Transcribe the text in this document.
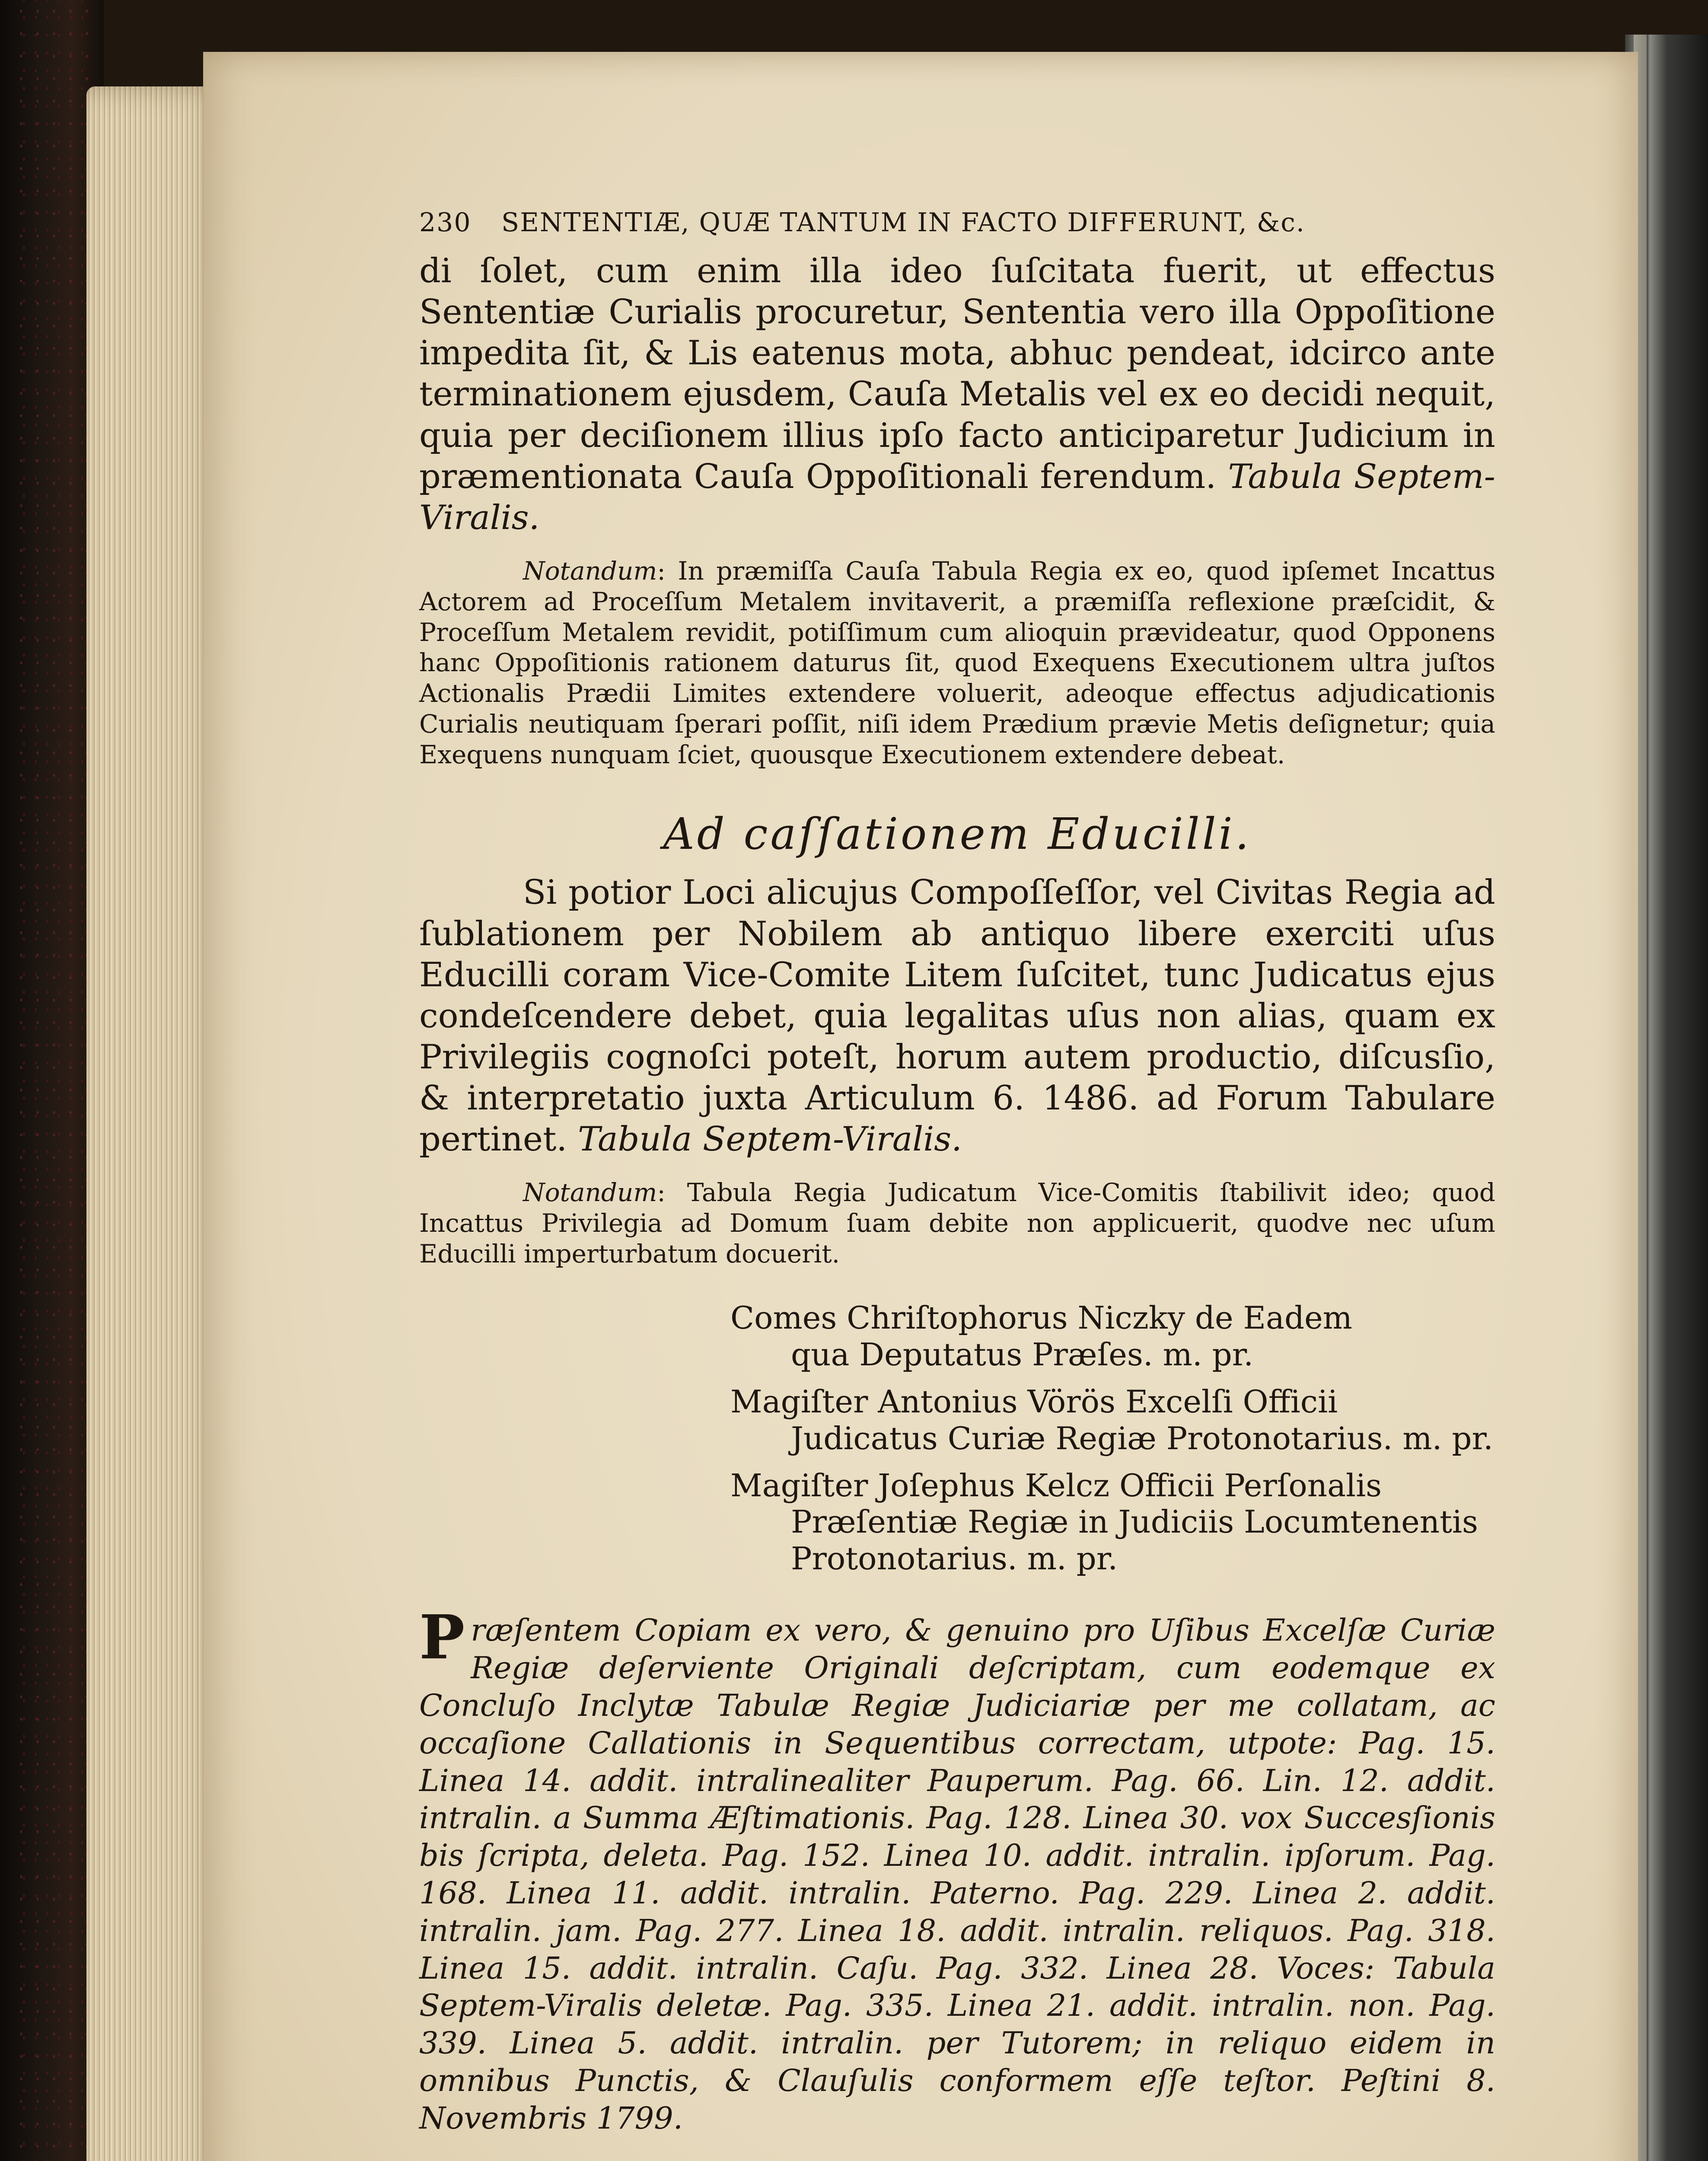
230 SENTENTIÆ, QUÆ TANTUM IN FACTO DIFFERUNT, &c.

di ſolet, cum enim illa ideo ſuſcitata fuerit, ut effectus Sententiæ Curialis procuretur, Sententia vero illa Oppoſitione impedita ſit, & Lis eatenus mota, abhuc pendeat, idcirco ante terminationem ejusdem, Cauſa Metalis vel ex eo decidi nequit, quia per deciſionem illius ipſo facto anticiparetur Judicium in præmentionata Cauſa Oppoſitionali ferendum. Tabula Septem-Viralis.

Notandum: In præmiſſa Cauſa Tabula Regia ex eo, quod ipſemet Incattus Actorem ad Proceſſum Metalem invitaverit, a præmiſſa reflexione præſcidit, & Proceſſum Metalem revidit, potiſſimum cum alioquin prævideatur, quod Opponens hanc Oppoſitionis rationem daturus ſit, quod Exequens Executionem ultra juſtos Actionalis Prædii Limites extendere voluerit, adeoque effectus adjudicationis Curialis neutiquam ſperari poſſit, niſi idem Prædium prævie Metis deſignetur; quia Exequens nunquam ſciet, quousque Executionem extendere debeat.

Ad caſſationem Educilli.

Si potior Loci alicujus Compoſſeſſor, vel Civitas Regia ad ſublationem per Nobilem ab antiquo libere exerciti uſus Educilli coram Vice-Comite Litem ſuſcitet, tunc Judicatus ejus condeſcendere debet, quia legalitas uſus non alias, quam ex Privilegiis cognoſci poteſt, horum autem productio, diſcusſio, & interpretatio juxta Articulum 6. 1486. ad Forum Tabulare pertinet. Tabula Septem-Viralis.

Notandum: Tabula Regia Judicatum Vice-Comitis ſtabilivit ideo; quod Incattus Privilegia ad Domum ſuam debite non applicuerit, quodve nec uſum Educilli imperturbatum docuerit.

Comes Chriſtophorus Niczky de Eadem

qua Deputatus Præſes. m. pr.

Magiſter Antonius Vörös Excelſi Officii

Judicatus Curiæ Regiæ Protonotarius. m. pr.

Magiſter Joſephus Kelcz Officii Perſonalis

Præſentiæ Regiæ in Judiciis Locumtenentis Protonotarius. m. pr.

Præſentem Copiam ex vero, & genuino pro Uſibus Excelſæ Curiæ Regiæ deſerviente Originali deſcriptam, cum eodemque ex Concluſo Inclytæ Tabulæ Regiæ Judiciariæ per me collatam, ac occaſione Callationis in Sequentibus correctam, utpote: Pag. 15. Linea 14. addit. intralinealiter Pauperum. Pag. 66. Lin. 12. addit. intralin. a Summa Æſtimationis. Pag. 128. Linea 30. vox Succesſionis bis ſcripta, deleta. Pag. 152. Linea 10. addit. intralin. ipſorum. Pag. 168. Linea 11. addit. intralin. Paterno. Pag. 229. Linea 2. addit. intralin. jam. Pag. 277. Linea 18. addit. intralin. reliquos. Pag. 318. Linea 15. addit. intralin. Caſu. Pag. 332. Linea 28. Voces: Tabula Septem-Viralis deletæ. Pag. 335. Linea 21. addit. intralin. non. Pag. 339. Linea 5. addit. intralin. per Tutorem; in reliquo eidem in omnibus Punctis, & Clauſulis conformem eſſe teſtor. Peſtini 8. Novembris 1799.
